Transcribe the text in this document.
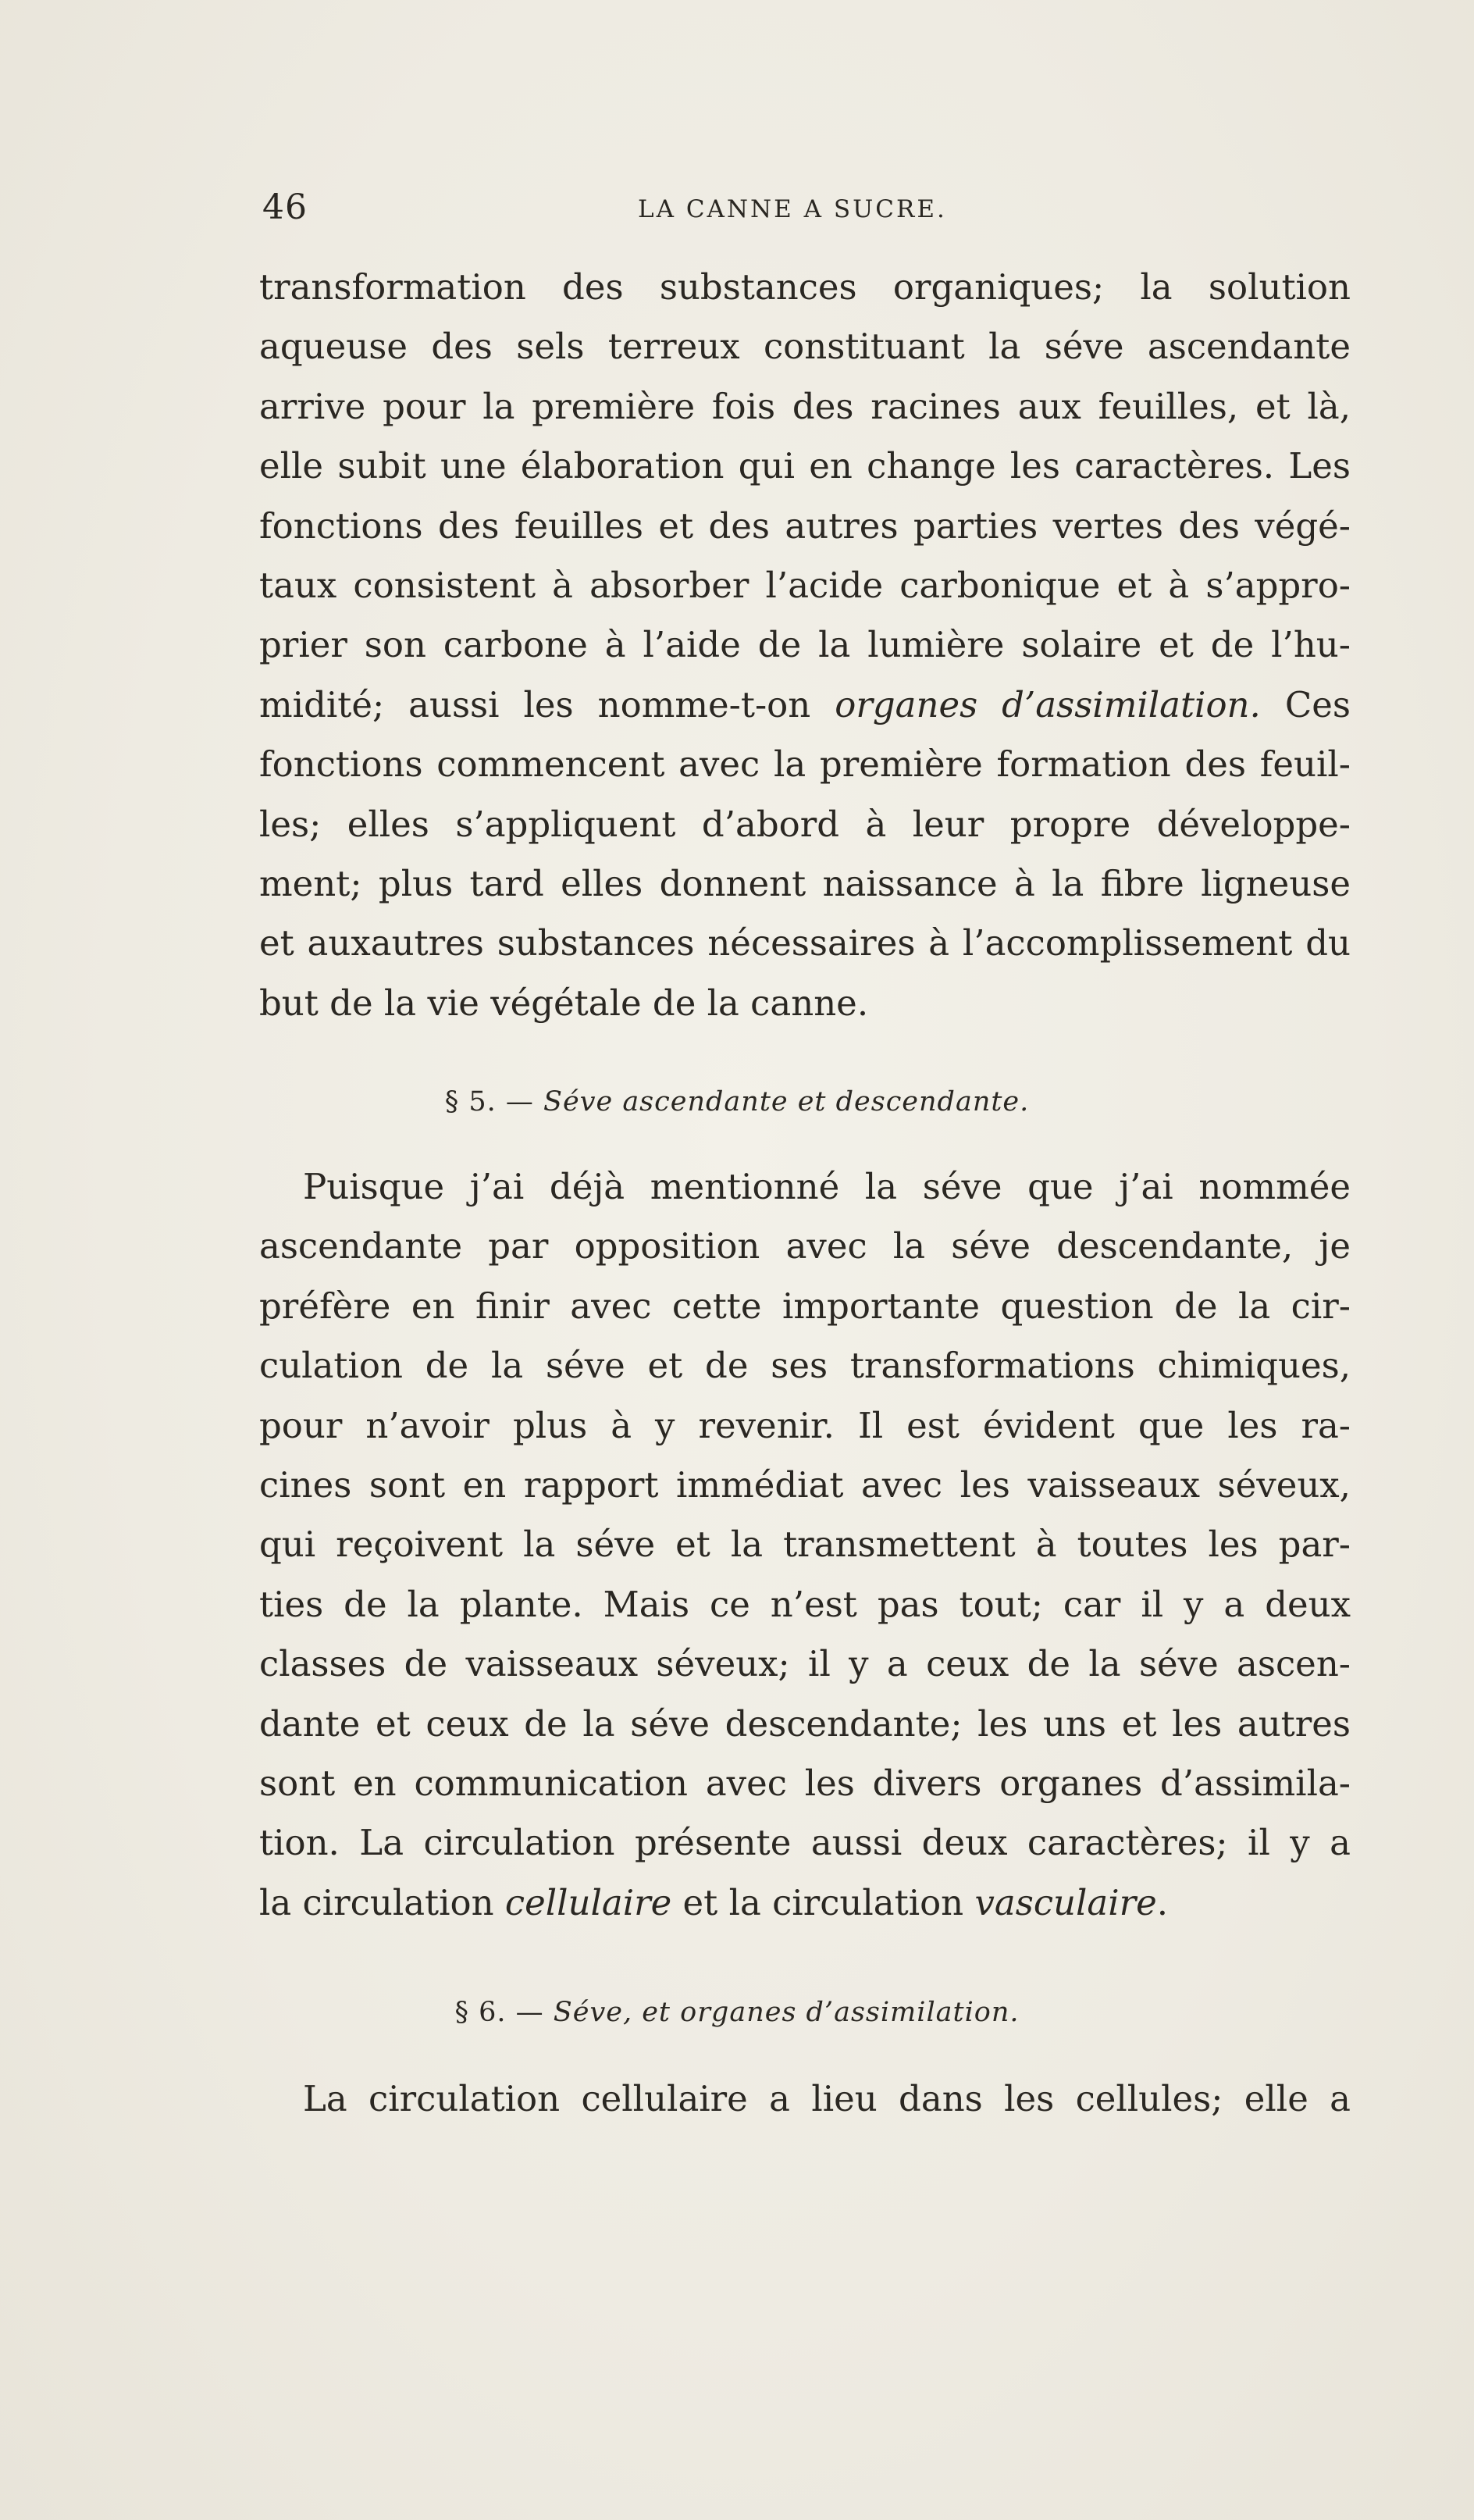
46	LA CANNE A SUCRE.
transformation des substances organiques; la solution
aqueuse des sels terreux constituant la séve ascendante
arrive pour la première fois des racines aux feuilles, et là,
elle subit une élaboration qui en change les caractères. Les
fonctions des feuilles et des autres parties vertes des végé-
taux consistent à absorber l’acide carbonique et à s’appro-
prier son carbone à l’aide de la lumière solaire et de l’hu-
midité; aussi les nomme-t-on organes d’assimilation. Ces
fonctions commencent avec la première formation des feuil-
les; elles s’appliquent d’abord à leur propre développe-
ment; plus tard elles donnent naissance à la fibre ligneuse
et auxautres substances nécessaires à l’accomplissement du
but de la vie végétale de la canne.
§ 5. — Séve ascendante et descendante.
Puisque j’ai déjà mentionné la séve que j’ai nommée
ascendante par opposition avec la séve descendante, je
préfère en finir avec cette importante question de la cir-
culation de la séve et de ses transformations chimiques,
pour n’avoir plus à y revenir. Il est évident que les ra-
cines sont en rapport immédiat avec les vaisseaux séveux,
qui reçoivent la séve et la transmettent à toutes les par-
ties de la plante. Mais ce n’est pas tout; car il y a deux
classes de vaisseaux séveux; il y a ceux de la séve ascen-
dante et ceux de la séve descendante; les uns et les autres
sont en communication avec les divers organes d’assimila-
tion. La circulation présente aussi deux caractères; il y a
la circulation cellulaire et la circulation vasculaire.
§ 6. — Séve, et organes d’assimilation.
La circulation cellulaire a lieu dans les cellules; elle a
